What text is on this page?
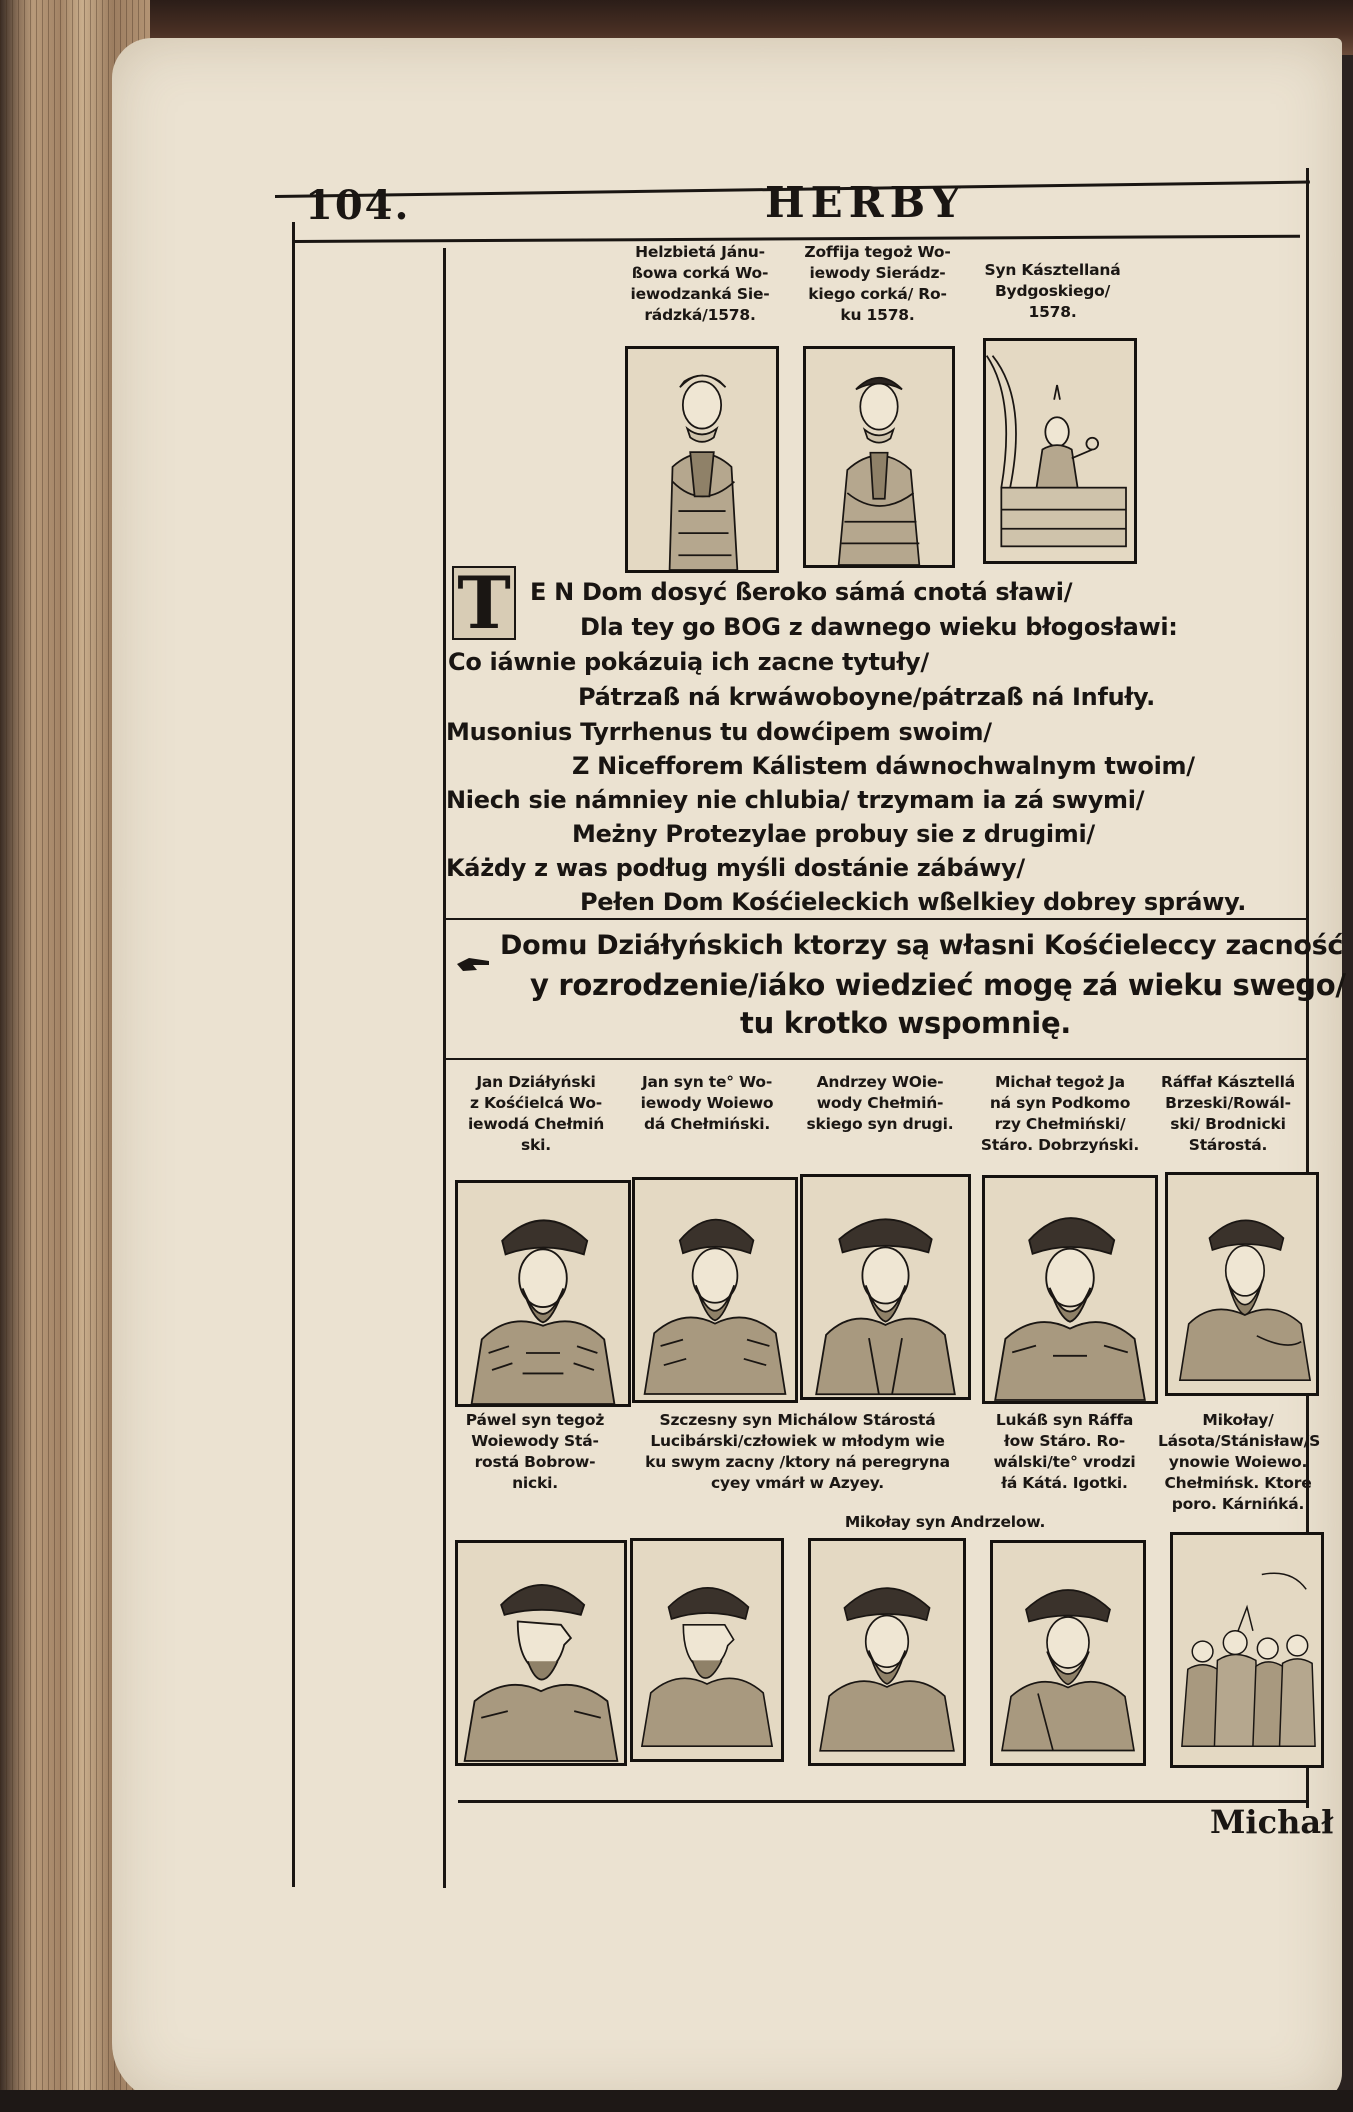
104.	HERBY
Helzbietá Jánu-
ßowa corká Wo-
iewodzanká Sie-
rádzká/1578.
Zoffija tegoż Wo-
iewody Sierádz-
kiego corká/ Ro-
ku 1578.
Syn Kásztellaná
Bydgoskiego/
1578.
T E N Dom dosyć ßeroko sámá cnotá sławi/
Dla tey go BOG z dawnego wieku błogosławi:
Co iáwnie pokázuią ich zacne tytuły/
Pátrzaß ná krwáwoboyne/pátrzaß ná Infuły.
Musonius Tyrrhenus tu dowćipem swoim/
Z Nicefforem Kálistem dáwnochwalnym twoim/
Niech sie námniey nie chlubia/ trzymam ia zá swymi/
Meżny Protezylae probuy sie z drugimi/
Káżdy z was podług myśli dostánie zábáwy/
Pełen Dom Kośćieleckich wßelkiey dobrey spráwy.
Domu Dziáłyńskich ktorzy są własni Kośćieleccy zacność
y rozrodzenie/iáko wiedzieć mogę zá wieku swego/
tu krotko wspomnię.
Jan Dziáłyński
z Kośćielcá Wo-
iewodá Chełmiń
ski.
Jan syn te° Wo-
iewody Woiewo
dá Chełmiński.
Andrzey WOie-
wody Chełmiń-
skiego syn drugi.
Michał tegoż Ja
ná syn Podkomo
rzy Chełmiński/
Stáro. Dobrzyński.
Ráffał Kásztellá
Brzeski/Rowál-
ski/ Brodnicki
Stárostá.
Páwel syn tegoż
Woiewody Stá-
rostá Bobrow-
nicki.
Szczesny syn Michálow Stárostá
Lucibárski/człowiek w młodym wie
ku swym zacny /ktory ná peregryna
cyey vmárł w Azyey.
Lukáß syn Ráffa
łow Stáro. Ro-
wálski/te° vrodzi
łá Kátá. Igotki.
Mikołay/ Lásota/Stánisław/S
ynowie Woiewo.
Chełmińsk. Ktore
poro. Kárnińká.
Mikołay syn Andrzelow.
Michał
